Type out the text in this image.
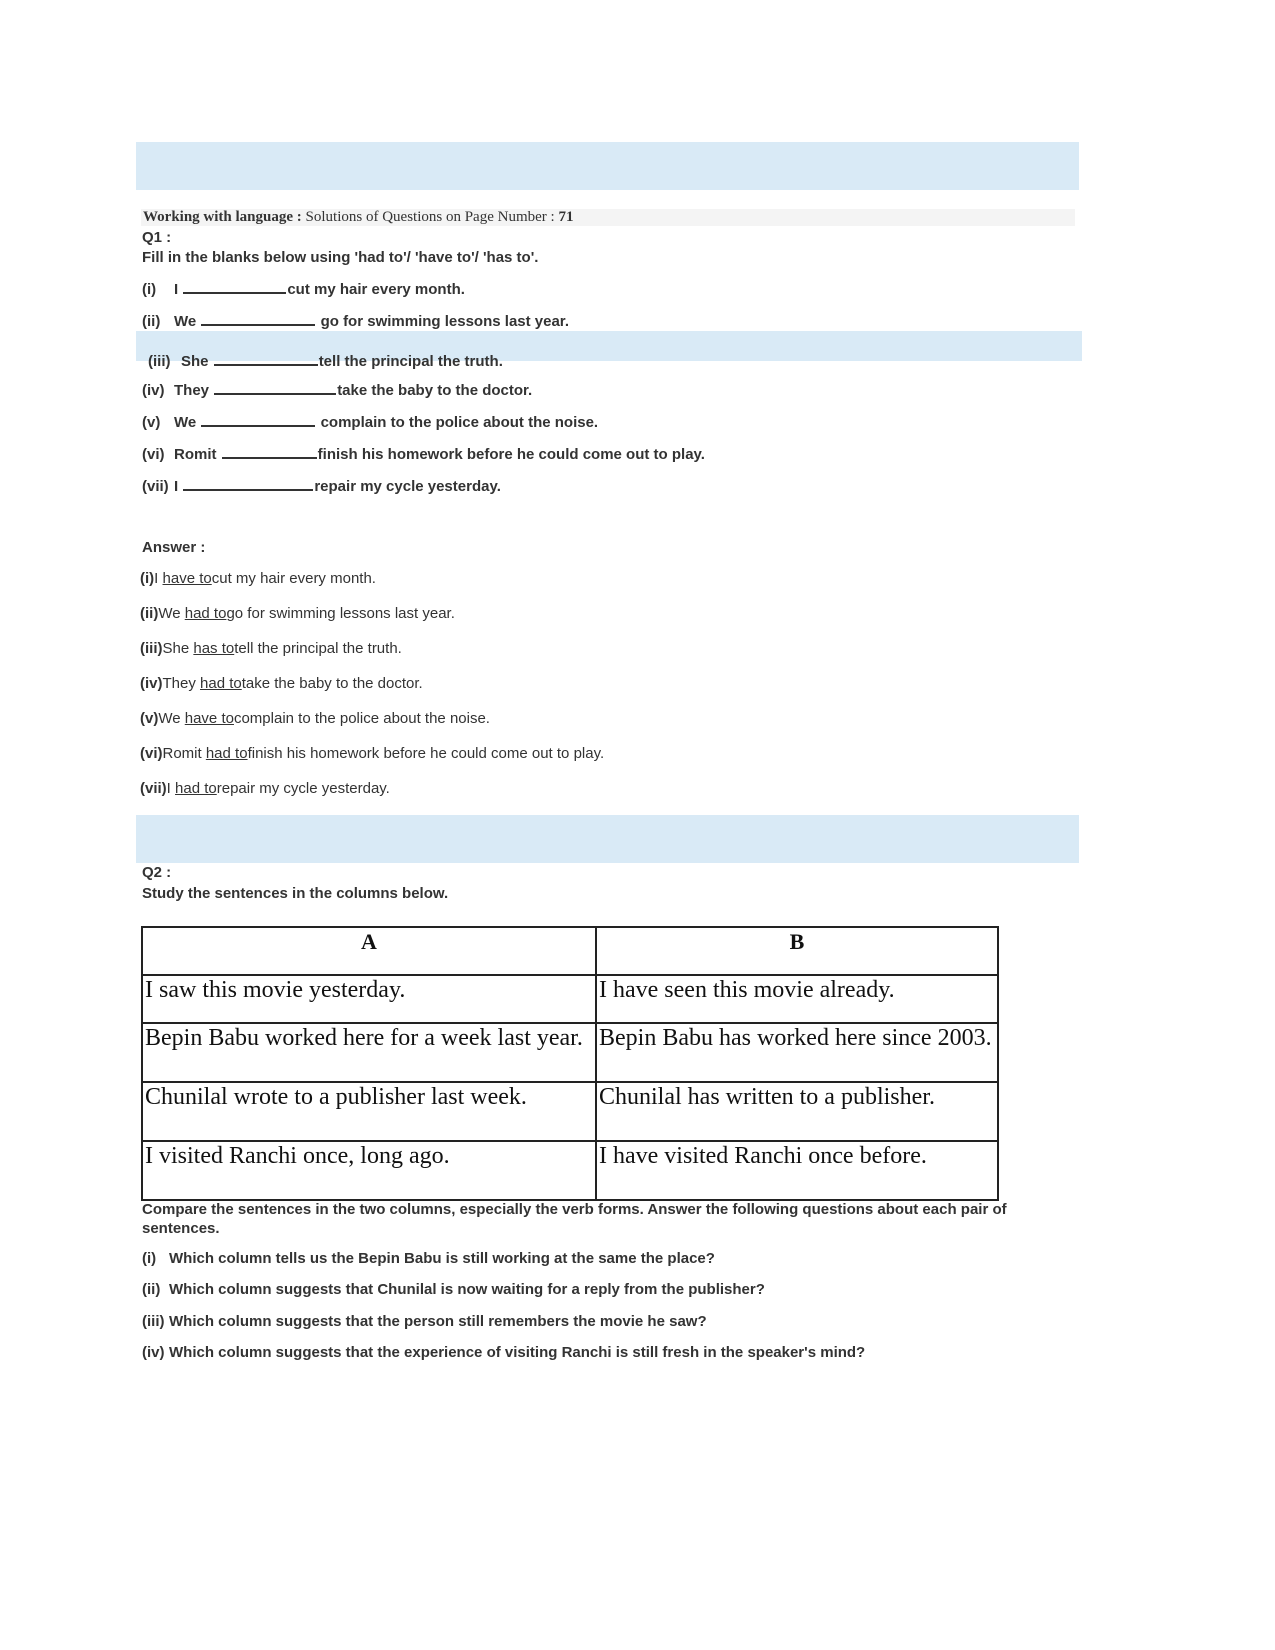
Working with language : Solutions of Questions on Page Number : 71
Q1 :
Fill in the blanks below using 'had to'/ 'have to'/ 'has to'.
(i) I	cut my hair every month.
(ii) We	go for swimming lessons last year.
(iii) She	tell the principal the truth.
(iv) They	take the baby to the doctor.
(v) We	complain to the police about the noise.
(vi) Romit	finish his homework before he could come out to play.
(vii) I	repair my cycle yesterday.
Answer :
(i)I have tocut my hair every month.
(ii)We had togo for swimming lessons last year.
(iii)She has totell the principal the truth.
(iv)They had totake the baby to the doctor.
(v)We have tocomplain to the police about the noise.
(vi)Romit had tofinish his homework before he could come out to play.
(vii)I had torepair my cycle yesterday.
Q2 :
Study the sentences in the columns below.
A	B
I saw this movie yesterday.	I have seen this movie already.
Bepin Babu worked here for a week last year.	Bepin Babu has worked here since 2003.
Chunilal wrote to a publisher last week.	Chunilal has written to a publisher.
I visited Ranchi once, long ago.	I have visited Ranchi once before.
Compare the sentences in the two columns, especially the verb forms. Answer the following questions about each pair of sentences.
(i) Which column tells us the Bepin Babu is still working at the same the place?
(ii) Which column suggests that Chunilal is now waiting for a reply from the publisher?
(iii) Which column suggests that the person still remembers the movie he saw?
(iv) Which column suggests that the experience of visiting Ranchi is still fresh in the speaker's mind?
